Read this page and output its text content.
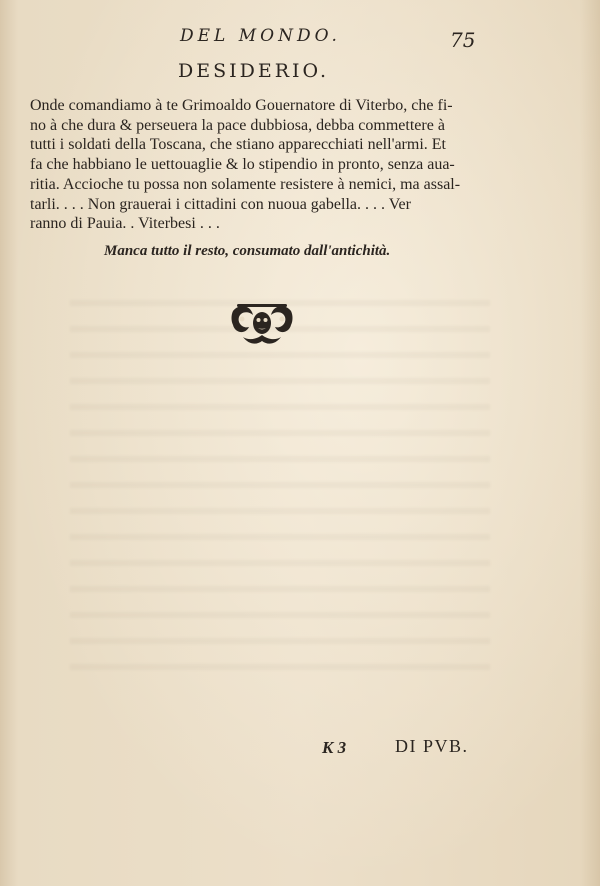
DEL MONDO.	75
DESIDERIO.
Onde comandiamo à te Grimoaldo Gouernatore di Viterbo, che fi-
no à che dura & perseuera la pace dubbiosa, debba commettere à
tutti i soldati della Toscana, che stiano apparecchiati nell'armi. Et
fa che habbiano le uettouaglie & lo stipendio in pronto, senza aua-
ritia. Accioche tu possa non solamente resistere à nemici, ma assal-
tarli. . . . Non grauerai i cittadini con nuoua gabella. . . . Ver
ranno di Pauia. . Viterbesi . . .
Manca tutto il resto, consumato dall'antichità.
K 3	DI PVB.
